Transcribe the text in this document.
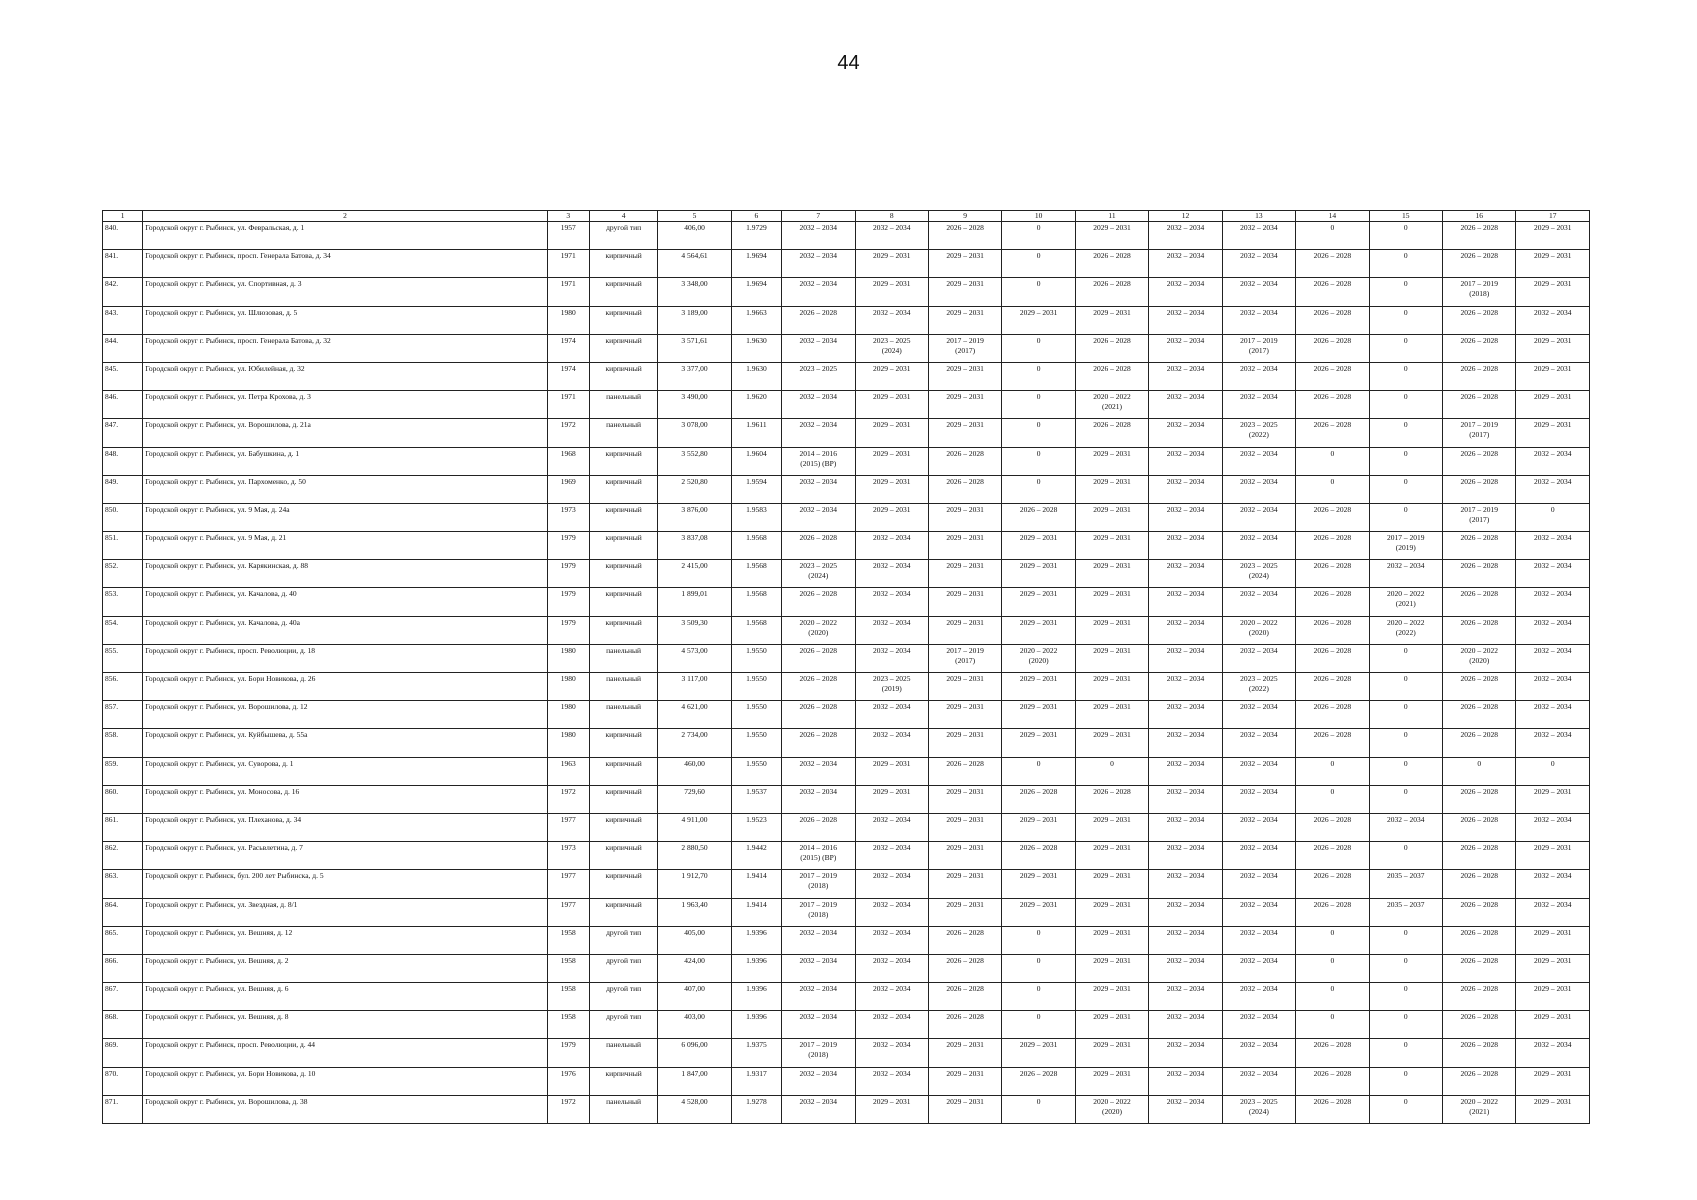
44
1	2	3	4	5	6	7	8	9	10	11	12	13	14	15	16	17
840.	Городской округ г. Рыбинск, ул. Февральская, д. 1	1957	другой тип	406,00	1.9729	2032 – 2034	2032 – 2034	2026 – 2028	0	2029 – 2031	2032 – 2034	2032 – 2034	0	0	2026 – 2028	2029 – 2031
841.	Городской округ г. Рыбинск, просп. Генерала Батова, д. 34	1971	кирпичный	4 564,61	1.9694	2032 – 2034	2029 – 2031	2029 – 2031	0	2026 – 2028	2032 – 2034	2032 – 2034	2026 – 2028	0	2026 – 2028	2029 – 2031
842.	Городской округ г. Рыбинск, ул. Спортивная, д. 3	1971	кирпичный	3 348,00	1.9694	2032 – 2034	2029 – 2031	2029 – 2031	0	2026 – 2028	2032 – 2034	2032 – 2034	2026 – 2028	0	2017 – 2019
(2018)	2029 – 2031
843.	Городской округ г. Рыбинск, ул. Шлюзовая, д. 5	1980	кирпичный	3 189,00	1.9663	2026 – 2028	2032 – 2034	2029 – 2031	2029 – 2031	2029 – 2031	2032 – 2034	2032 – 2034	2026 – 2028	0	2026 – 2028	2032 – 2034
844.	Городской округ г. Рыбинск, просп. Генерала Батова, д. 32	1974	кирпичный	3 571,61	1.9630	2032 – 2034	2023 – 2025
(2024)	2017 – 2019
(2017)	0	2026 – 2028	2032 – 2034	2017 – 2019
(2017)	2026 – 2028	0	2026 – 2028	2029 – 2031
845.	Городской округ г. Рыбинск, ул. Юбилейная, д. 32	1974	кирпичный	3 377,00	1.9630	2023 – 2025	2029 – 2031	2029 – 2031	0	2026 – 2028	2032 – 2034	2032 – 2034	2026 – 2028	0	2026 – 2028	2029 – 2031
846.	Городской округ г. Рыбинск, ул. Петра Крохова, д. 3	1971	панельный	3 490,00	1.9620	2032 – 2034	2029 – 2031	2029 – 2031	0	2020 – 2022
(2021)	2032 – 2034	2032 – 2034	2026 – 2028	0	2026 – 2028	2029 – 2031
847.	Городской округ г. Рыбинск, ул. Ворошилова, д. 21а	1972	панельный	3 078,00	1.9611	2032 – 2034	2029 – 2031	2029 – 2031	0	2026 – 2028	2032 – 2034	2023 – 2025
(2022)	2026 – 2028	0	2017 – 2019
(2017)	2029 – 2031
848.	Городской округ г. Рыбинск, ул. Бабушкина, д. 1	1968	кирпичный	3 552,80	1.9604	2014 – 2016
(2015) (ВР)	2029 – 2031	2026 – 2028	0	2029 – 2031	2032 – 2034	2032 – 2034	0	0	2026 – 2028	2032 – 2034
849.	Городской округ г. Рыбинск, ул. Пархоменко, д. 50	1969	кирпичный	2 520,80	1.9594	2032 – 2034	2029 – 2031	2026 – 2028	0	2029 – 2031	2032 – 2034	2032 – 2034	0	0	2026 – 2028	2032 – 2034
850.	Городской округ г. Рыбинск, ул. 9 Мая, д. 24а	1973	кирпичный	3 876,00	1.9583	2032 – 2034	2029 – 2031	2029 – 2031	2026 – 2028	2029 – 2031	2032 – 2034	2032 – 2034	2026 – 2028	0	2017 – 2019
(2017)	0
851.	Городской округ г. Рыбинск, ул. 9 Мая, д. 21	1979	кирпичный	3 837,08	1.9568	2026 – 2028	2032 – 2034	2029 – 2031	2029 – 2031	2029 – 2031	2032 – 2034	2032 – 2034	2026 – 2028	2017 – 2019
(2019)	2026 – 2028	2032 – 2034
852.	Городской округ г. Рыбинск, ул. Карякинская, д. 88	1979	кирпичный	2 415,00	1.9568	2023 – 2025
(2024)	2032 – 2034	2029 – 2031	2029 – 2031	2029 – 2031	2032 – 2034	2023 – 2025
(2024)	2026 – 2028	2032 – 2034	2026 – 2028	2032 – 2034
853.	Городской округ г. Рыбинск, ул. Качалова, д. 40	1979	кирпичный	1 899,01	1.9568	2026 – 2028	2032 – 2034	2029 – 2031	2029 – 2031	2029 – 2031	2032 – 2034	2032 – 2034	2026 – 2028	2020 – 2022
(2021)	2026 – 2028	2032 – 2034
854.	Городской округ г. Рыбинск, ул. Качалова, д. 40а	1979	кирпичный	3 509,30	1.9568	2020 – 2022
(2020)	2032 – 2034	2029 – 2031	2029 – 2031	2029 – 2031	2032 – 2034	2020 – 2022
(2020)	2026 – 2028	2020 – 2022
(2022)	2026 – 2028	2032 – 2034
855.	Городской округ г. Рыбинск, просп. Революции, д. 18	1980	панельный	4 573,00	1.9550	2026 – 2028	2032 – 2034	2017 – 2019
(2017)	2020 – 2022
(2020)	2029 – 2031	2032 – 2034	2032 – 2034	2026 – 2028	0	2020 – 2022
(2020)	2032 – 2034
856.	Городской округ г. Рыбинск, ул. Бори Новикова, д. 26	1980	панельный	3 117,00	1.9550	2026 – 2028	2023 – 2025
(2019)	2029 – 2031	2029 – 2031	2029 – 2031	2032 – 2034	2023 – 2025
(2022)	2026 – 2028	0	2026 – 2028	2032 – 2034
857.	Городской округ г. Рыбинск, ул. Ворошилова, д. 12	1980	панельный	4 621,00	1.9550	2026 – 2028	2032 – 2034	2029 – 2031	2029 – 2031	2029 – 2031	2032 – 2034	2032 – 2034	2026 – 2028	0	2026 – 2028	2032 – 2034
858.	Городской округ г. Рыбинск, ул. Куйбышева, д. 55а	1980	кирпичный	2 734,00	1.9550	2026 – 2028	2032 – 2034	2029 – 2031	2029 – 2031	2029 – 2031	2032 – 2034	2032 – 2034	2026 – 2028	0	2026 – 2028	2032 – 2034
859.	Городской округ г. Рыбинск, ул. Суворова, д. 1	1963	кирпичный	460,00	1.9550	2032 – 2034	2029 – 2031	2026 – 2028	0	0	2032 – 2034	2032 – 2034	0	0	0	0
860.	Городской округ г. Рыбинск, ул. Моносова, д. 16	1972	кирпичный	729,60	1.9537	2032 – 2034	2029 – 2031	2029 – 2031	2026 – 2028	2026 – 2028	2032 – 2034	2032 – 2034	0	0	2026 – 2028	2029 – 2031
861.	Городской округ г. Рыбинск, ул. Плеханова, д. 34	1977	кирпичный	4 911,00	1.9523	2026 – 2028	2032 – 2034	2029 – 2031	2029 – 2031	2029 – 2031	2032 – 2034	2032 – 2034	2026 – 2028	2032 – 2034	2026 – 2028	2032 – 2034
862.	Городской округ г. Рыбинск, ул. Расьвлетина, д. 7	1973	кирпичный	2 880,50	1.9442	2014 – 2016
(2015) (ВР)	2032 – 2034	2029 – 2031	2026 – 2028	2029 – 2031	2032 – 2034	2032 – 2034	2026 – 2028	0	2026 – 2028	2029 – 2031
863.	Городской округ г. Рыбинск, бул. 200 лет Рыбинска, д. 5	1977	кирпичный	1 912,70	1.9414	2017 – 2019
(2018)	2032 – 2034	2029 – 2031	2029 – 2031	2029 – 2031	2032 – 2034	2032 – 2034	2026 – 2028	2035 – 2037	2026 – 2028	2032 – 2034
864.	Городской округ г. Рыбинск, ул. Звездная, д. 8/1	1977	кирпичный	1 963,40	1.9414	2017 – 2019
(2018)	2032 – 2034	2029 – 2031	2029 – 2031	2029 – 2031	2032 – 2034	2032 – 2034	2026 – 2028	2035 – 2037	2026 – 2028	2032 – 2034
865.	Городской округ г. Рыбинск, ул. Вешняя, д. 12	1958	другой тип	405,00	1.9396	2032 – 2034	2032 – 2034	2026 – 2028	0	2029 – 2031	2032 – 2034	2032 – 2034	0	0	2026 – 2028	2029 – 2031
866.	Городской округ г. Рыбинск, ул. Вешняя, д. 2	1958	другой тип	424,00	1.9396	2032 – 2034	2032 – 2034	2026 – 2028	0	2029 – 2031	2032 – 2034	2032 – 2034	0	0	2026 – 2028	2029 – 2031
867.	Городской округ г. Рыбинск, ул. Вешняя, д. 6	1958	другой тип	407,00	1.9396	2032 – 2034	2032 – 2034	2026 – 2028	0	2029 – 2031	2032 – 2034	2032 – 2034	0	0	2026 – 2028	2029 – 2031
868.	Городской округ г. Рыбинск, ул. Вешняя, д. 8	1958	другой тип	403,00	1.9396	2032 – 2034	2032 – 2034	2026 – 2028	0	2029 – 2031	2032 – 2034	2032 – 2034	0	0	2026 – 2028	2029 – 2031
869.	Городской округ г. Рыбинск, просп. Революции, д. 44	1979	панельный	6 096,00	1.9375	2017 – 2019
(2018)	2032 – 2034	2029 – 2031	2029 – 2031	2029 – 2031	2032 – 2034	2032 – 2034	2026 – 2028	0	2026 – 2028	2032 – 2034
870.	Городской округ г. Рыбинск, ул. Бори Новикова, д. 10	1976	кирпичный	1 847,00	1.9317	2032 – 2034	2032 – 2034	2029 – 2031	2026 – 2028	2029 – 2031	2032 – 2034	2032 – 2034	2026 – 2028	0	2026 – 2028	2029 – 2031
871.	Городской округ г. Рыбинск, ул. Ворошилова, д. 38	1972	панельный	4 528,00	1.9278	2032 – 2034	2029 – 2031	2029 – 2031	0	2020 – 2022
(2020)	2032 – 2034	2023 – 2025
(2024)	2026 – 2028	0	2020 – 2022
(2021)	2029 – 2031
